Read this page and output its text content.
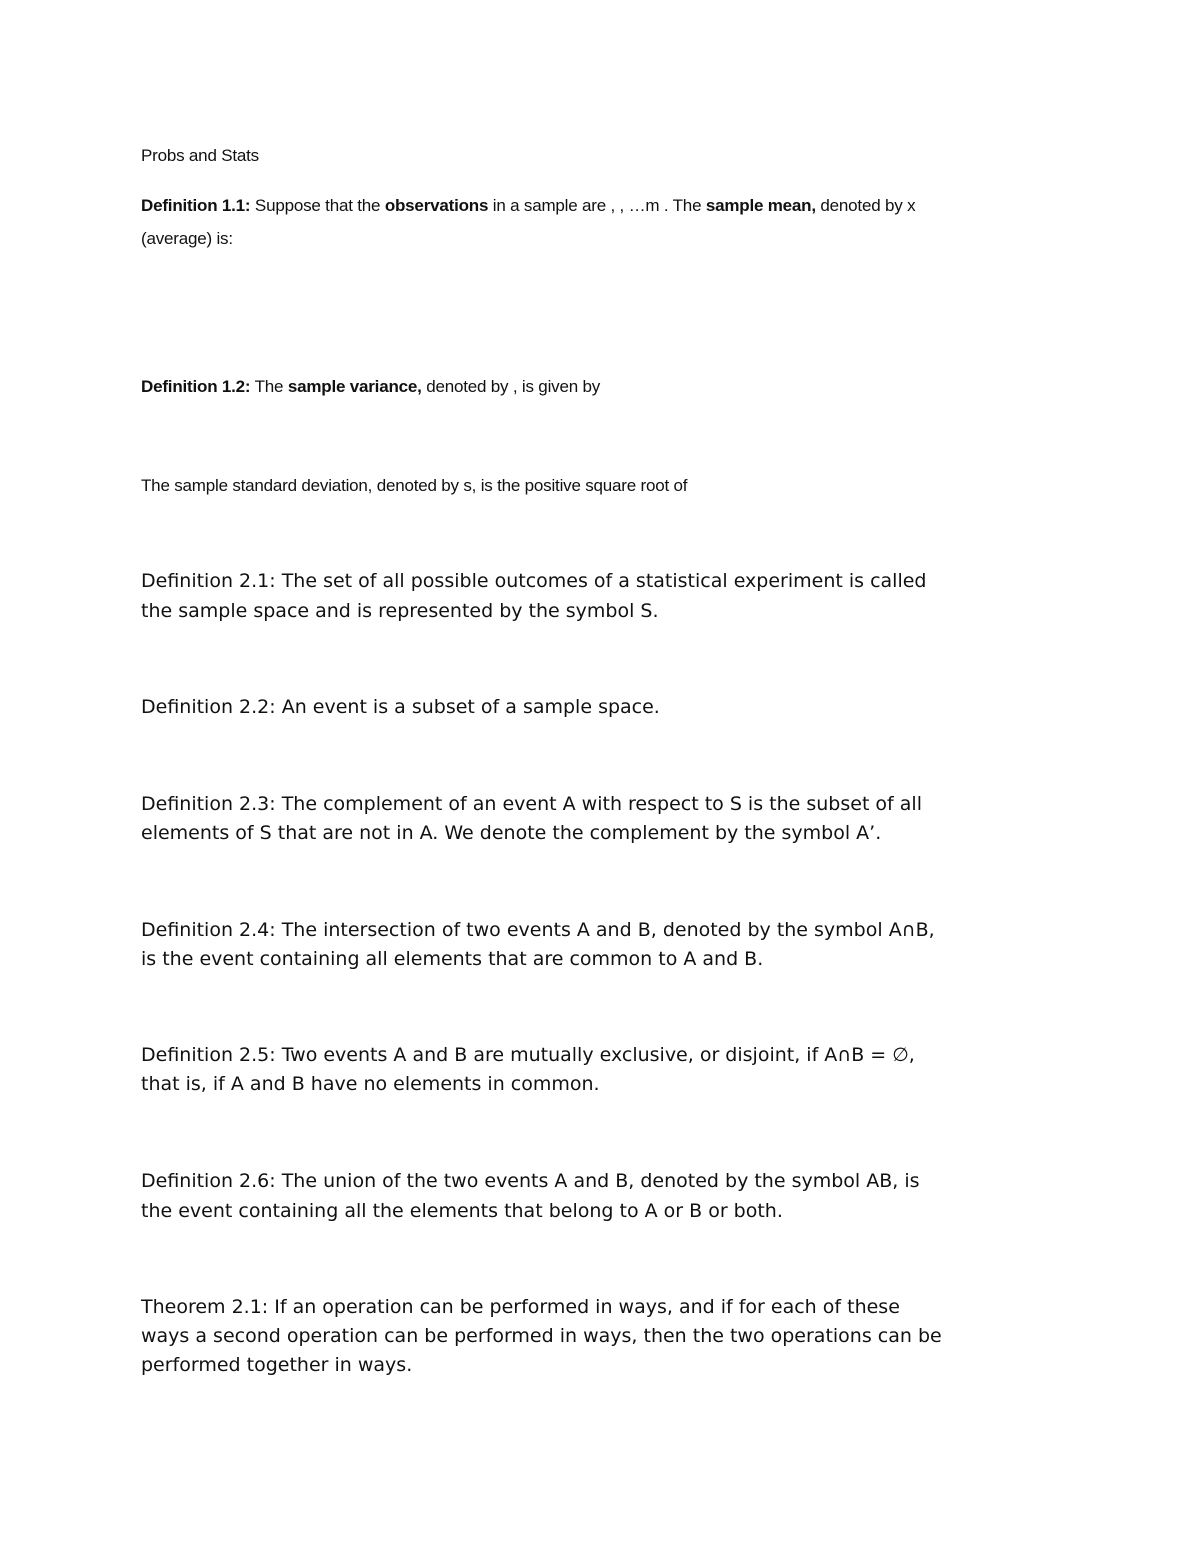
Probs and Stats

Definition 1.1: Suppose that the observations in a sample are , , …m . The sample mean, denoted by x

(average) is:

Definition 1.2: The sample variance, denoted by , is given by

The sample standard deviation, denoted by s, is the positive square root of

Definition 2.1: The set of all possible outcomes of a statistical experiment is called

the sample space and is represented by the symbol S.

Definition 2.2: An event is a subset of a sample space.

Definition 2.3: The complement of an event A with respect to S is the subset of all

elements of S that are not in A. We denote the complement by the symbol A’.

Definition 2.4: The intersection of two events A and B, denoted by the symbol A∩B,

is the event containing all elements that are common to A and B.

Definition 2.5: Two events A and B are mutually exclusive, or disjoint, if A∩B = ∅,

that is, if A and B have no elements in common.

Definition 2.6: The union of the two events A and B, denoted by the symbol AB, is

the event containing all the elements that belong to A or B or both.

Theorem 2.1: If an operation can be performed in ways, and if for each of these

ways a second operation can be performed in ways, then the two operations can be

performed together in ways.
